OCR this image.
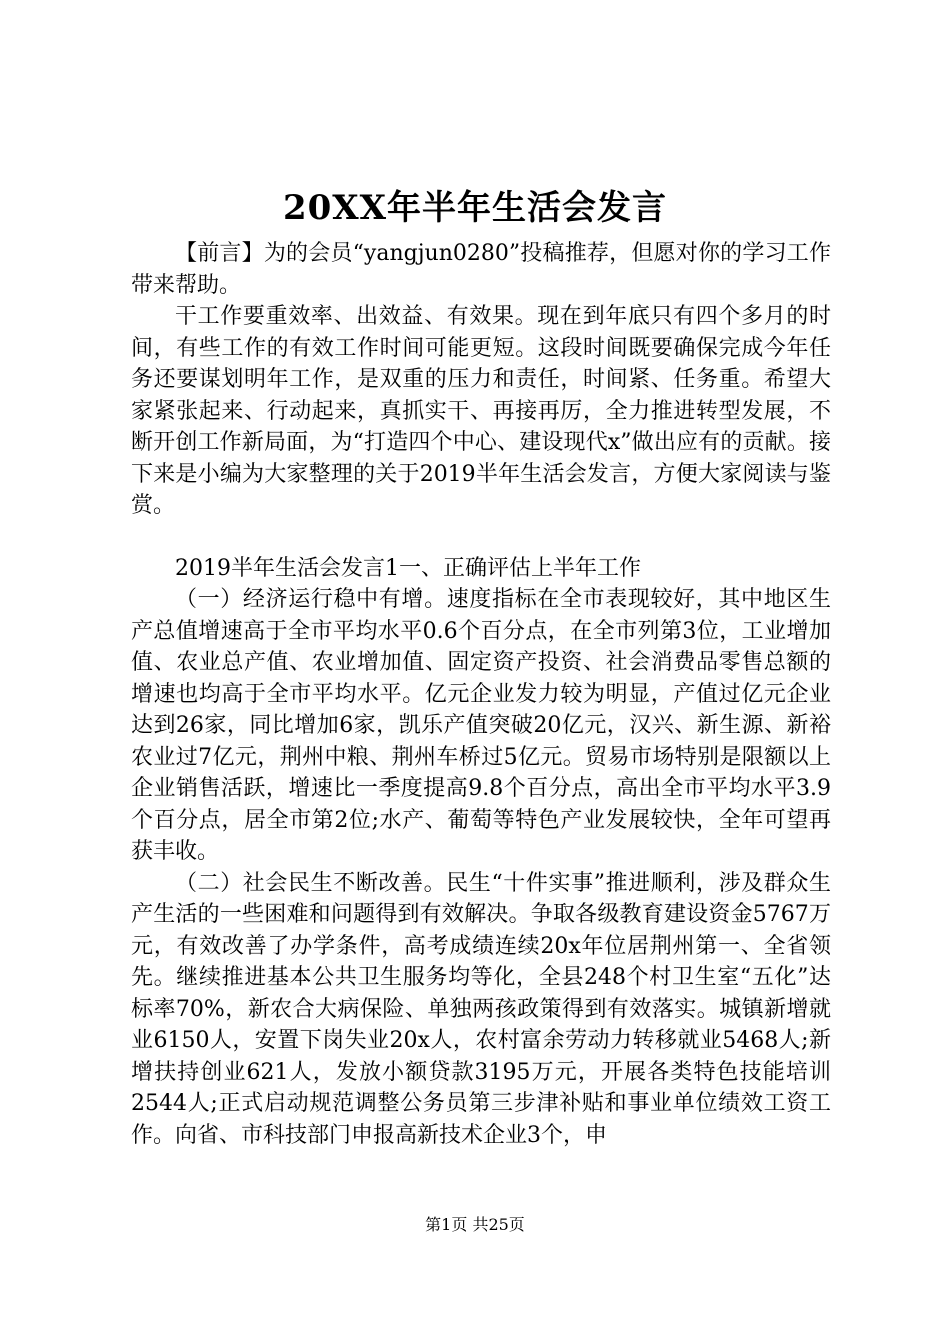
20XX年半年生活会发言

【前言】为的会员“yangjun0280”投稿推荐，但愿对你的学习工作带来帮助。

干工作要重效率、出效益、有效果。现在到年底只有四个多月的时间，有些工作的有效工作时间可能更短。这段时间既要确保完成今年任务还要谋划明年工作，是双重的压力和责任，时间紧、任务重。希望大家紧张起来、行动起来，真抓实干、再接再厉，全力推进转型发展，不断开创工作新局面，为“打造四个中心、建设现代x”做出应有的贡献。接下来是小编为大家整理的关于2019半年生活会发言，方便大家阅读与鉴赏。

2019半年生活会发言1一、正确评估上半年工作

（一）经济运行稳中有增。速度指标在全市表现较好，其中地区生产总值增速高于全市平均水平0.6个百分点，在全市列第3位，工业增加值、农业总产值、农业增加值、固定资产投资、社会消费品零售总额的增速也均高于全市平均水平。亿元企业发力较为明显，产值过亿元企业达到26家，同比增加6家，凯乐产值突破20亿元，汉兴、新生源、新裕农业过7亿元，荆州中粮、荆州车桥过5亿元。贸易市场特别是限额以上企业销售活跃，增速比一季度提高9.8个百分点，高出全市平均水平3.9个百分点，居全市第2位;水产、葡萄等特色产业发展较快，全年可望再获丰收。

（二）社会民生不断改善。民生“十件实事”推进顺利，涉及群众生产生活的一些困难和问题得到有效解决。争取各级教育建设资金5767万元，有效改善了办学条件，高考成绩连续20x年位居荆州第一、全省领先。继续推进基本公共卫生服务均等化，全县248个村卫生室“五化”达标率70%，新农合大病保险、单独两孩政策得到有效落实。城镇新增就业6150人，安置下岗失业20x人，农村富余劳动力转移就业5468人;新增扶持创业621人，发放小额贷款3195万元，开展各类特色技能培训2544人;正式启动规范调整公务员第三步津补贴和事业单位绩效工资工作。向省、市科技部门申报高新技术企业3个，申

第1页 共25页
